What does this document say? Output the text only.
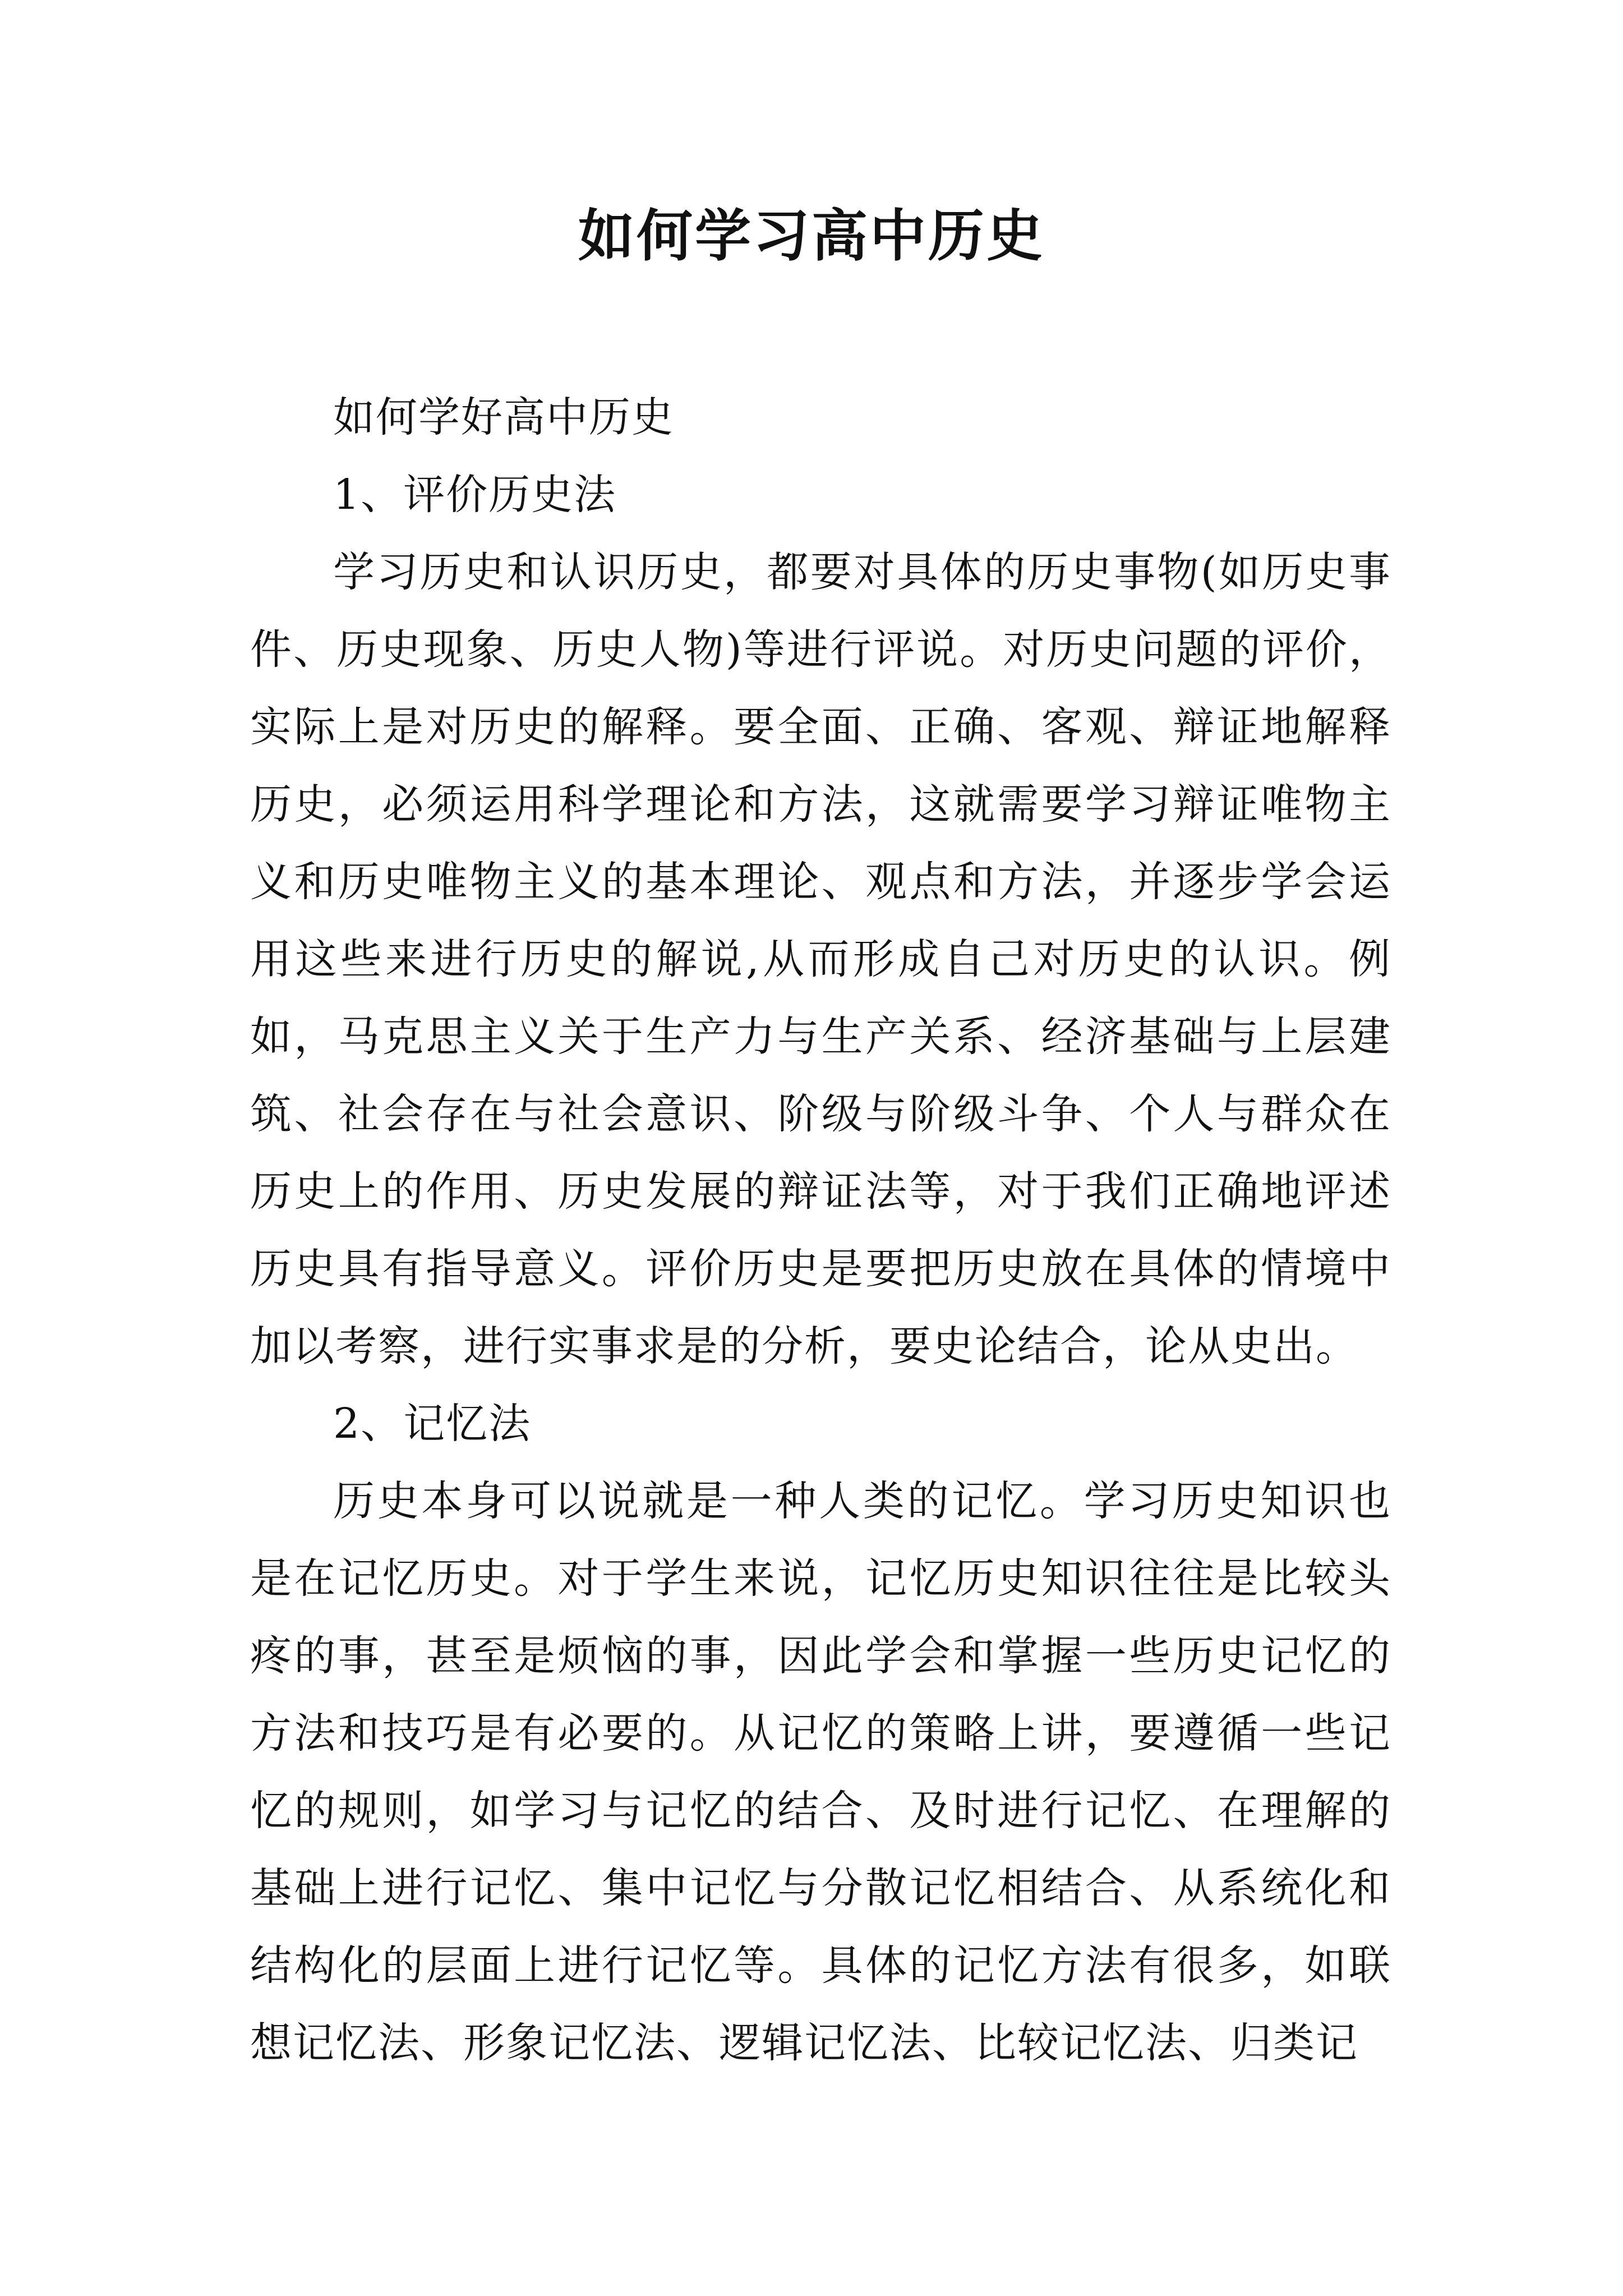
如何学习高中历史

如何学好高中历史

1、评价历史法

学习历史和认识历史，都要对具体的历史事物(如历史事件、历史现象、历史人物)等进行评说。对历史问题的评价，实际上是对历史的解释。要全面、正确、客观、辩证地解释历史，必须运用科学理论和方法，这就需要学习辩证唯物主义和历史唯物主义的基本理论、观点和方法，并逐步学会运用这些来进行历史的解说,从而形成自己对历史的认识。例如，马克思主义关于生产力与生产关系、经济基础与上层建筑、社会存在与社会意识、阶级与阶级斗争、个人与群众在历史上的作用、历史发展的辩证法等，对于我们正确地评述历史具有指导意义。评价历史是要把历史放在具体的情境中加以考察，进行实事求是的分析，要史论结合，论从史出。

2、记忆法

历史本身可以说就是一种人类的记忆。学习历史知识也是在记忆历史。对于学生来说，记忆历史知识往往是比较头疼的事，甚至是烦恼的事，因此学会和掌握一些历史记忆的方法和技巧是有必要的。从记忆的策略上讲，要遵循一些记忆的规则，如学习与记忆的结合、及时进行记忆、在理解的基础上进行记忆、集中记忆与分散记忆相结合、从系统化和结构化的层面上进行记忆等。具体的记忆方法有很多，如联想记忆法、形象记忆法、逻辑记忆法、比较记忆法、归类记
